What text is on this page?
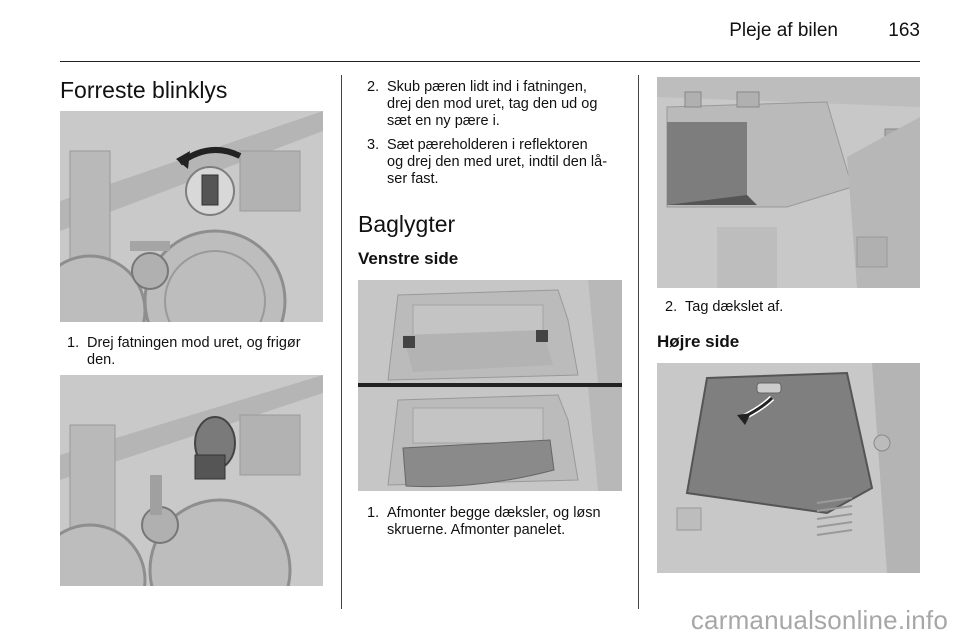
Pleje af bilen	163
Forreste blinklys
1. Drej fatningen mod uret, og frigør
den.
2. Skub pæren lidt ind i fatningen,
drej den mod uret, tag den ud og
sæt en ny pære i.
3. Sæt pæreholderen i reflektoren
og drej den med uret, indtil den lå-
ser fast.
Baglygter
Venstre side
1. Afmonter begge dæksler, og løsn
skruerne. Afmonter panelet.
2. Tag dækslet af.
Højre side
carmanualsonline.info
